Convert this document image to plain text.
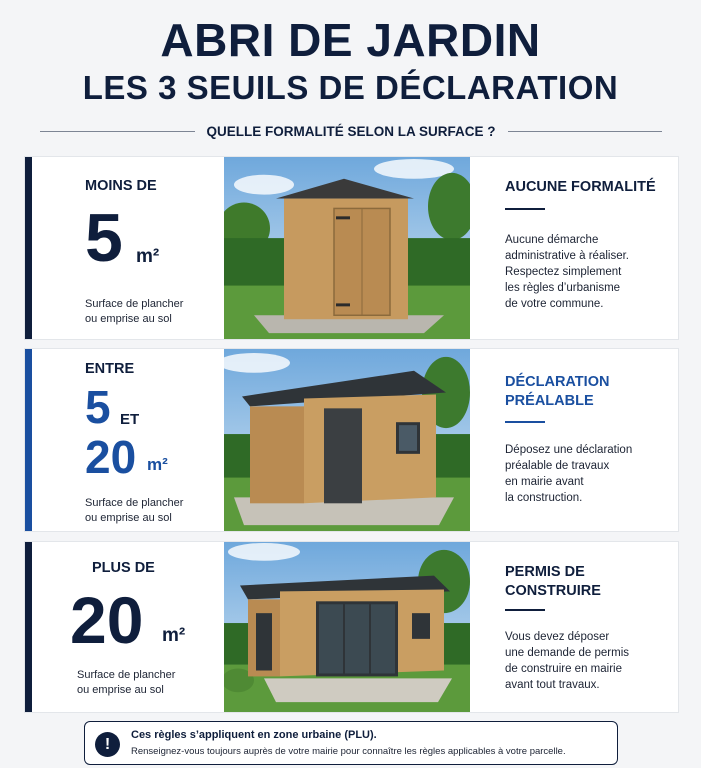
ABRI DE JARDIN
LES 3 SEUILS DE DÉCLARATION
QUELLE FORMALITÉ SELON LA SURFACE ?
MOINS DE
5 m²
Surface de plancher
ou emprise au sol
AUCUNE FORMALITÉ
Aucune démarche
administrative à réaliser.
Respectez simplement
les règles d’urbanisme
de votre commune.
ENTRE
5 ET
20 m²
Surface de plancher
ou emprise au sol
DÉCLARATION
PRÉALABLE
Déposez une déclaration
préalable de travaux
en mairie avant
la construction.
PLUS DE
20 m²
Surface de plancher
ou emprise au sol
PERMIS DE
CONSTRUIRE
Vous devez déposer
une demande de permis
de construire en mairie
avant tout travaux.
!
Ces règles s’appliquent en zone urbaine (PLU).
Renseignez-vous toujours auprès de votre mairie pour connaître les règles applicables à votre parcelle.
